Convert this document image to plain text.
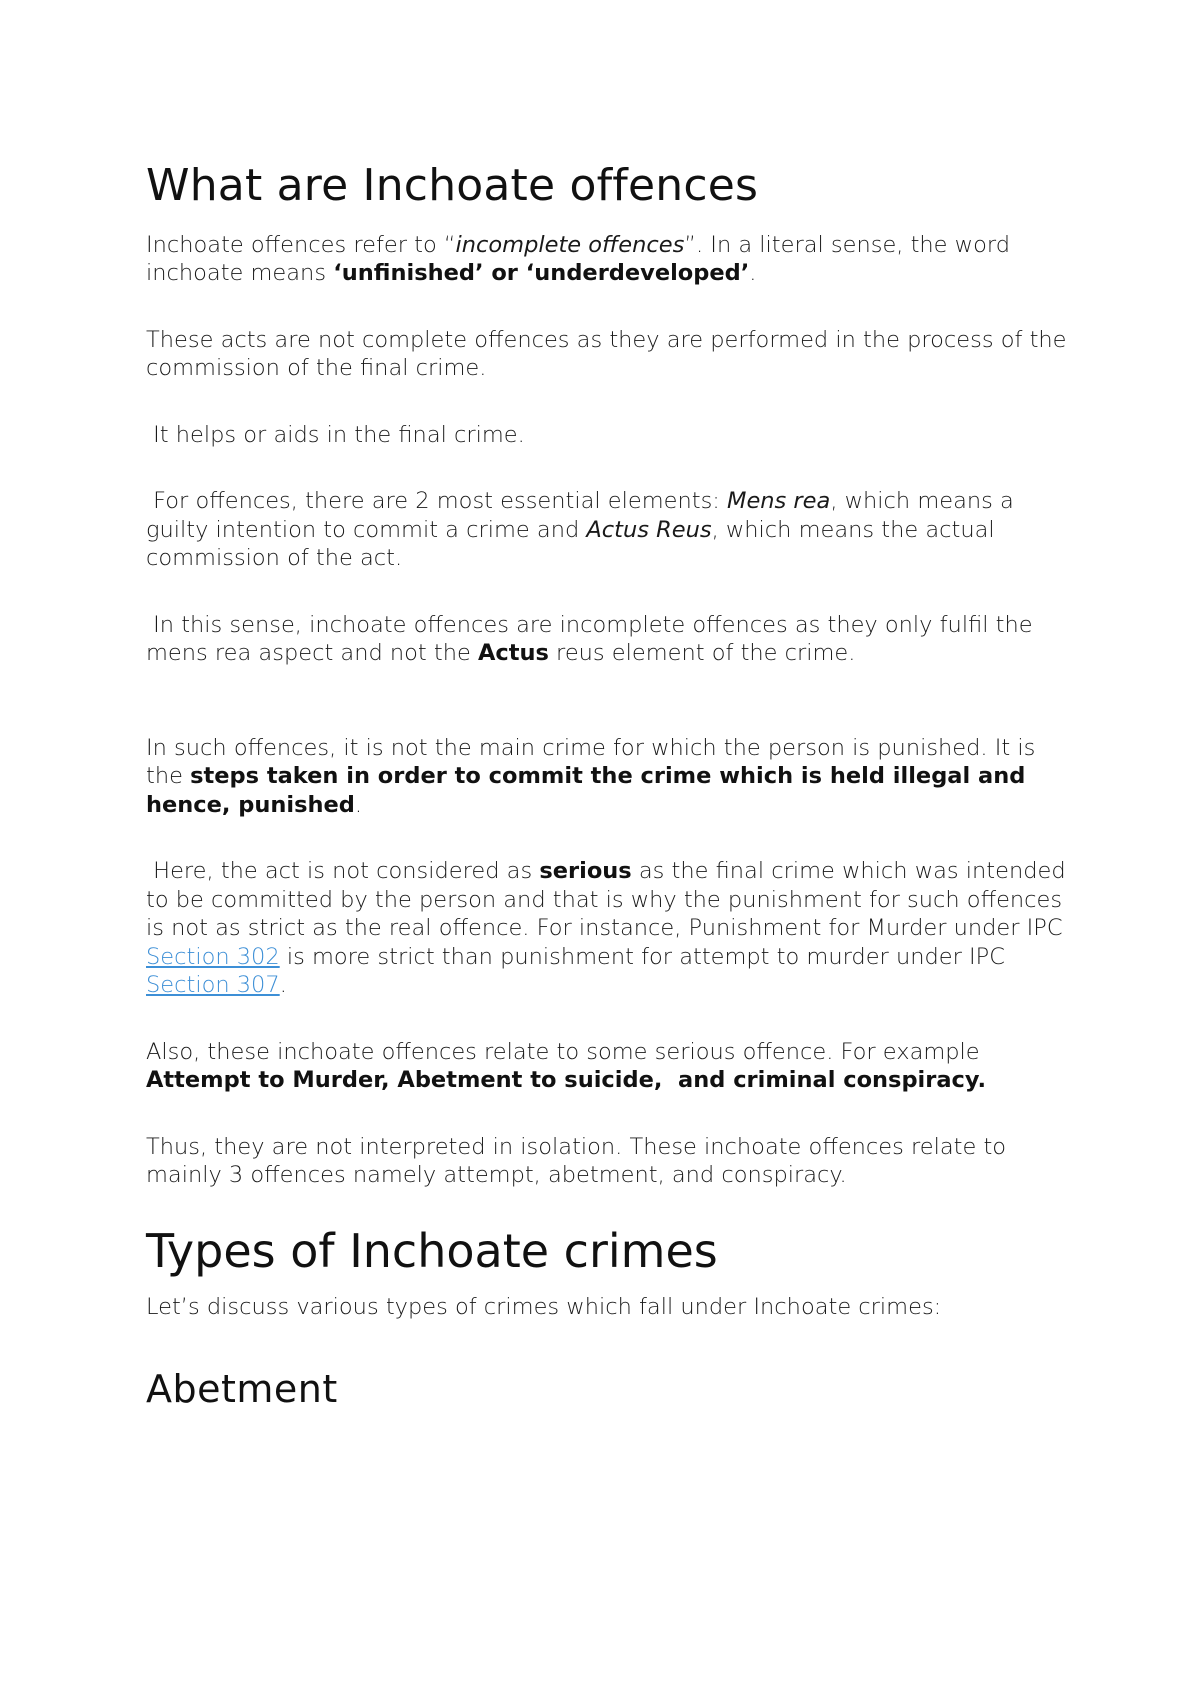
What are Inchoate offences

Inchoate offences refer to “incomplete offences”. In a literal sense, the word inchoate means ‘unfinished’ or ‘underdeveloped’.

These acts are not complete offences as they are performed in the process of the commission of the final crime.

It helps or aids in the final crime.

For offences, there are 2 most essential elements: Mens rea, which means a guilty intention to commit a crime and Actus Reus, which means the actual commission of the act.

In this sense, inchoate offences are incomplete offences as they only fulfil the mens rea aspect and not the Actus reus element of the crime.

In such offences, it is not the main crime for which the person is punished. It is the steps taken in order to commit the crime which is held illegal and hence, punished.

Here, the act is not considered as serious as the final crime which was intended to be committed by the person and that is why the punishment for such offences is not as strict as the real offence. For instance, Punishment for Murder under IPC Section 302 is more strict than punishment for attempt to murder under IPC Section 307.

Also, these inchoate offences relate to some serious offence. For example Attempt to Murder, Abetment to suicide,  and criminal conspiracy.

Thus, they are not interpreted in isolation. These inchoate offences relate to mainly 3 offences namely attempt, abetment, and conspiracy.

Types of Inchoate crimes

Let’s discuss various types of crimes which fall under Inchoate crimes:

Abetment
